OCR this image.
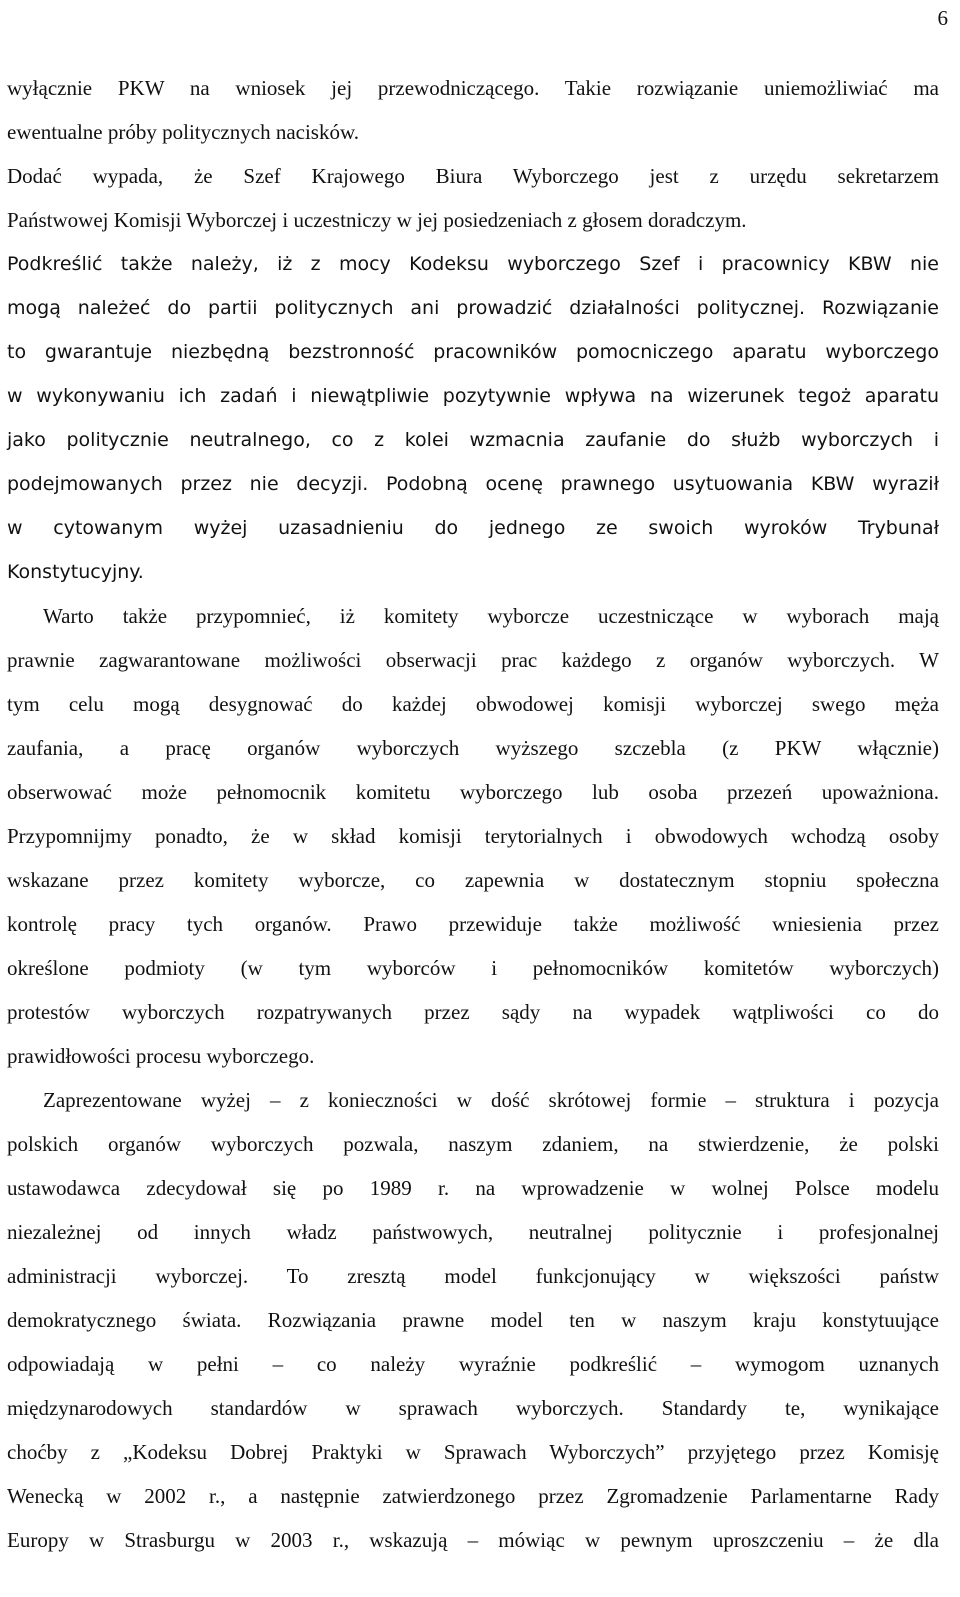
6
wyłącznie PKW na wniosek jej przewodniczącego. Takie rozwiązanie uniemożliwiać ma
ewentualne próby politycznych nacisków.
Dodać wypada, że Szef Krajowego Biura Wyborczego jest z urzędu sekretarzem
Państwowej Komisji Wyborczej i uczestniczy w jej posiedzeniach z głosem doradczym.
Podkreślić także należy, iż z mocy Kodeksu wyborczego Szef i pracownicy KBW nie
mogą należeć do partii politycznych ani prowadzić działalności politycznej. Rozwiązanie
to gwarantuje niezbędną bezstronność pracowników pomocniczego aparatu wyborczego
w wykonywaniu ich zadań i niewątpliwie pozytywnie wpływa na wizerunek tegoż aparatu
jako politycznie neutralnego, co z kolei wzmacnia zaufanie do służb wyborczych i
podejmowanych przez nie decyzji. Podobną ocenę prawnego usytuowania KBW wyraził
w cytowanym wyżej uzasadnieniu do jednego ze swoich wyroków Trybunał
Konstytucyjny.
Warto także przypomnieć, iż komitety wyborcze uczestniczące w wyborach mają
prawnie zagwarantowane możliwości obserwacji prac każdego z organów wyborczych. W
tym celu mogą desygnować do każdej obwodowej komisji wyborczej swego męża
zaufania, a pracę organów wyborczych wyższego szczebla (z PKW włącznie)
obserwować może pełnomocnik komitetu wyborczego lub osoba przezeń upoważniona.
Przypomnijmy ponadto, że w skład komisji terytorialnych i obwodowych wchodzą osoby
wskazane przez komitety wyborcze, co zapewnia w dostatecznym stopniu społeczna
kontrolę pracy tych organów. Prawo przewiduje także możliwość wniesienia przez
określone podmioty (w tym wyborców i pełnomocników komitetów wyborczych)
protestów wyborczych rozpatrywanych przez sądy na wypadek wątpliwości co do
prawidłowości procesu wyborczego.
Zaprezentowane wyżej – z konieczności w dość skrótowej formie – struktura i pozycja
polskich organów wyborczych pozwala, naszym zdaniem, na stwierdzenie, że polski
ustawodawca zdecydował się po 1989 r. na wprowadzenie w wolnej Polsce modelu
niezależnej od innych władz państwowych, neutralnej politycznie i profesjonalnej
administracji wyborczej. To zresztą model funkcjonujący w większości państw
demokratycznego świata. Rozwiązania prawne model ten w naszym kraju konstytuujące
odpowiadają w pełni – co należy wyraźnie podkreślić – wymogom uznanych
międzynarodowych standardów w sprawach wyborczych. Standardy te, wynikające
choćby z „Kodeksu Dobrej Praktyki w Sprawach Wyborczych” przyjętego przez Komisję
Wenecką w 2002 r., a następnie zatwierdzonego przez Zgromadzenie Parlamentarne Rady
Europy w Strasburgu w 2003 r., wskazują – mówiąc w pewnym uproszczeniu – że dla
